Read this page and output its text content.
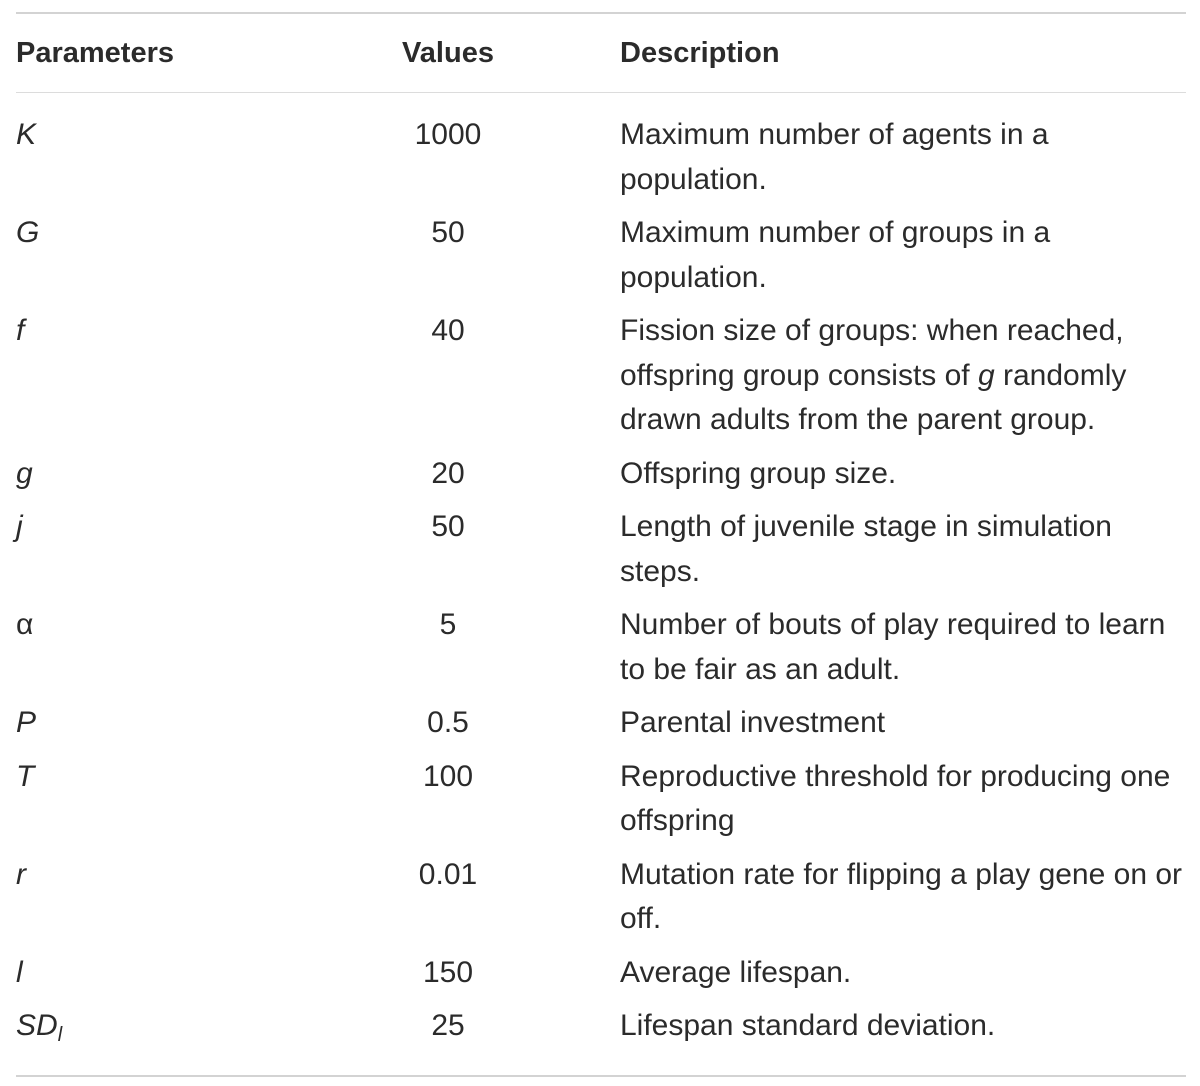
Parameters	Values	Description
K	1000	Maximum number of agents in a population.
G	50	Maximum number of groups in a population.
f	40	Fission size of groups: when reached, offspring group consists of g randomly drawn adults from the parent group.
g	20	Offspring group size.
j	50	Length of juvenile stage in simulation steps.
α	5	Number of bouts of play required to learn to be fair as an adult.
P	0.5	Parental investment
T	100	Reproductive threshold for producing one offspring
r	0.01	Mutation rate for flipping a play gene on or off.
l	150	Average lifespan.
$SD_l$	25	Lifespan standard deviation.
